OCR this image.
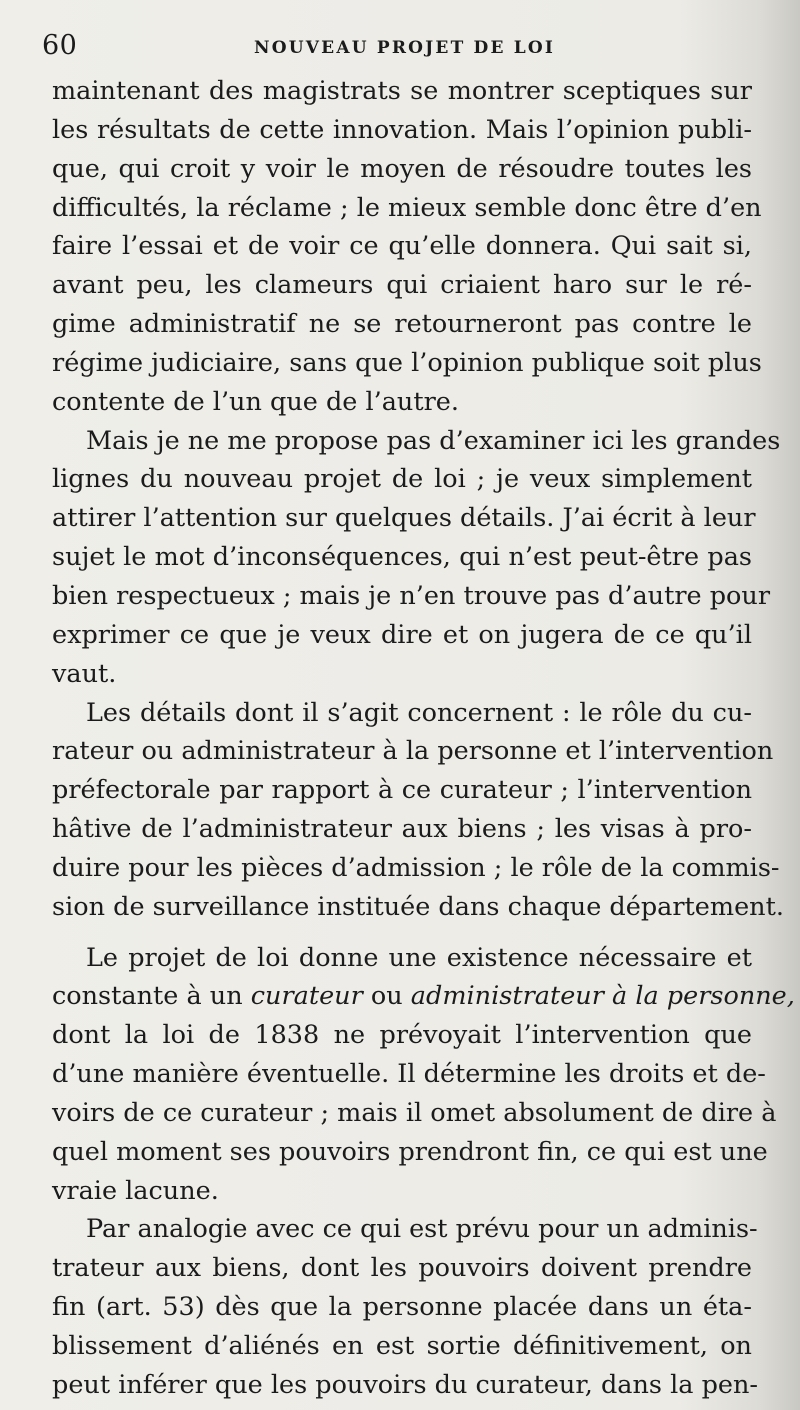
60	NOUVEAU PROJET DE LOI
maintenant des magistrats se montrer sceptiques sur
les résultats de cette innovation. Mais l’opinion publi-
que, qui croit y voir le moyen de résoudre toutes les
difficultés, la réclame ; le mieux semble donc être d’en
faire l’essai et de voir ce qu’elle donnera. Qui sait si,
avant peu, les clameurs qui criaient haro sur le ré-
gime administratif ne se retourneront pas contre le
régime judiciaire, sans que l’opinion publique soit plus
contente de l’un que de l’autre.
Mais je ne me propose pas d’examiner ici les grandes
lignes du nouveau projet de loi ; je veux simplement
attirer l’attention sur quelques détails. J’ai écrit à leur
sujet le mot d’inconséquences, qui n’est peut-être pas
bien respectueux ; mais je n’en trouve pas d’autre pour
exprimer ce que je veux dire et on jugera de ce qu’il
vaut.
Les détails dont il s’agit concernent : le rôle du cu-
rateur ou administrateur à la personne et l’intervention
préfectorale par rapport à ce curateur ; l’intervention
hâtive de l’administrateur aux biens ; les visas à pro-
duire pour les pièces d’admission ; le rôle de la commis-
sion de surveillance instituée dans chaque département.
Le projet de loi donne une existence nécessaire et
constante à un curateur ou administrateur à la personne,
dont la loi de 1838 ne prévoyait l’intervention que
d’une manière éventuelle. Il détermine les droits et de-
voirs de ce curateur ; mais il omet absolument de dire à
quel moment ses pouvoirs prendront fin, ce qui est une
vraie lacune.
Par analogie avec ce qui est prévu pour un adminis-
trateur aux biens, dont les pouvoirs doivent prendre
fin (art. 53) dès que la personne placée dans un éta-
blissement d’aliénés en est sortie définitivement, on
peut inférer que les pouvoirs du curateur, dans la pen-
